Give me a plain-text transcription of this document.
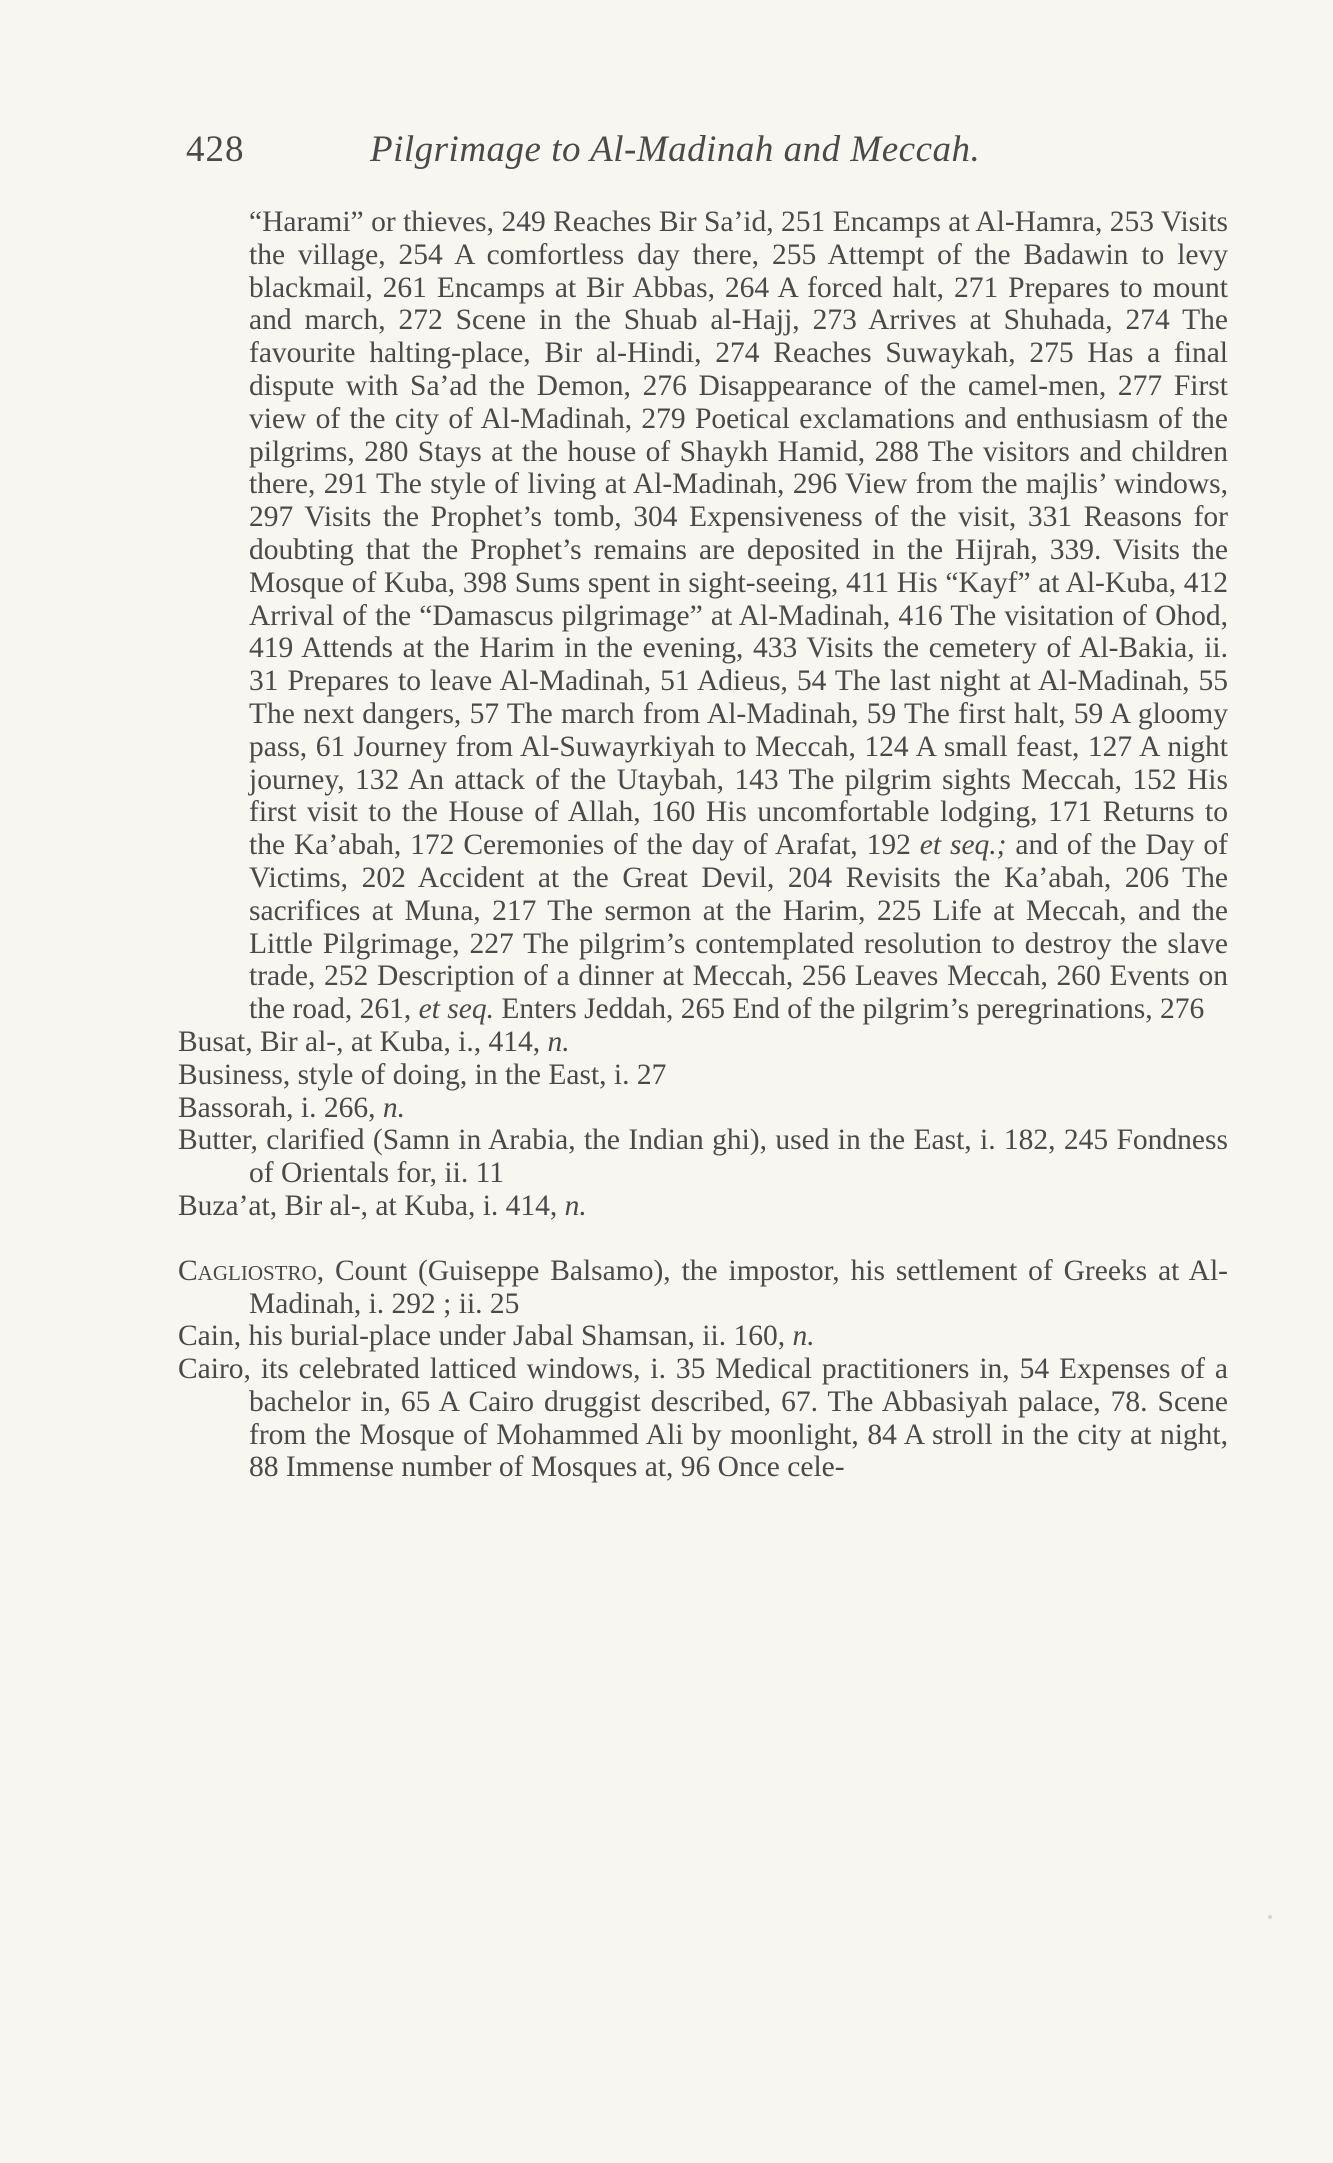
428	Pilgrimage to Al-Madinah and Meccah.
“Harami” or thieves, 249 Reaches Bir Sa’id, 251 Encamps at Al-Hamra, 253 Visits the village, 254 A comfortless day there, 255 Attempt of the Badawin to levy blackmail, 261 Encamps at Bir Abbas, 264 A forced halt, 271 Prepares to mount and march, 272 Scene in the Shuab al-Hajj, 273 Arrives at Shuhada, 274 The favourite halting-place, Bir al-Hindi, 274 Reaches Suwaykah, 275 Has a final dispute with Sa’ad the Demon, 276 Disappearance of the camel-men, 277 First view of the city of Al-Madinah, 279 Poetical exclamations and enthusiasm of the pilgrims, 280 Stays at the house of Shaykh Hamid, 288 The visitors and children there, 291 The style of living at Al-Madinah, 296 View from the majlis’ windows, 297 Visits the Prophet’s tomb, 304 Expensiveness of the visit, 331 Reasons for doubting that the Prophet’s remains are deposited in the Hijrah, 339. Visits the Mosque of Kuba, 398 Sums spent in sight-seeing, 411 His “Kayf” at Al-Kuba, 412 Arrival of the “Damascus pilgrimage” at Al-Madinah, 416 The visitation of Ohod, 419 Attends at the Harim in the evening, 433 Visits the cemetery of Al-Bakia, ii. 31 Prepares to leave Al-Madinah, 51 Adieus, 54 The last night at Al-Madinah, 55 The next dangers, 57 The march from Al-Madinah, 59 The first halt, 59 A gloomy pass, 61 Journey from Al-Suwayrkiyah to Meccah, 124 A small feast, 127 A night journey, 132 An attack of the Utaybah, 143 The pilgrim sights Meccah, 152 His first visit to the House of Allah, 160 His uncomfortable lodging, 171 Returns to the Ka’abah, 172 Ceremonies of the day of Arafat, 192 et seq.; and of the Day of Victims, 202 Accident at the Great Devil, 204 Revisits the Ka’abah, 206 The sacrifices at Muna, 217 The sermon at the Harim, 225 Life at Meccah, and the Little Pilgrimage, 227 The pilgrim’s contemplated resolution to destroy the slave trade, 252 Description of a dinner at Meccah, 256 Leaves Meccah, 260 Events on the road, 261, et seq. Enters Jeddah, 265 End of the pilgrim’s peregrinations, 276
Busat, Bir al-, at Kuba, i., 414, n.
Business, style of doing, in the East, i. 27
Bassorah, i. 266, n.
Butter, clarified (Samn in Arabia, the Indian ghi), used in the East, i. 182, 245 Fondness of Orientals for, ii. 11
Buza’at, Bir al-, at Kuba, i. 414, n.
Cagliostro, Count (Guiseppe Balsamo), the impostor, his settlement of Greeks at Al-Madinah, i. 292 ; ii. 25
Cain, his burial-place under Jabal Shamsan, ii. 160, n.
Cairo, its celebrated latticed windows, i. 35 Medical practitioners in, 54 Expenses of a bachelor in, 65 A Cairo druggist described, 67. The Abbasiyah palace, 78. Scene from the Mosque of Mohammed Ali by moonlight, 84 A stroll in the city at night, 88 Immense number of Mosques at, 96 Once cele-
